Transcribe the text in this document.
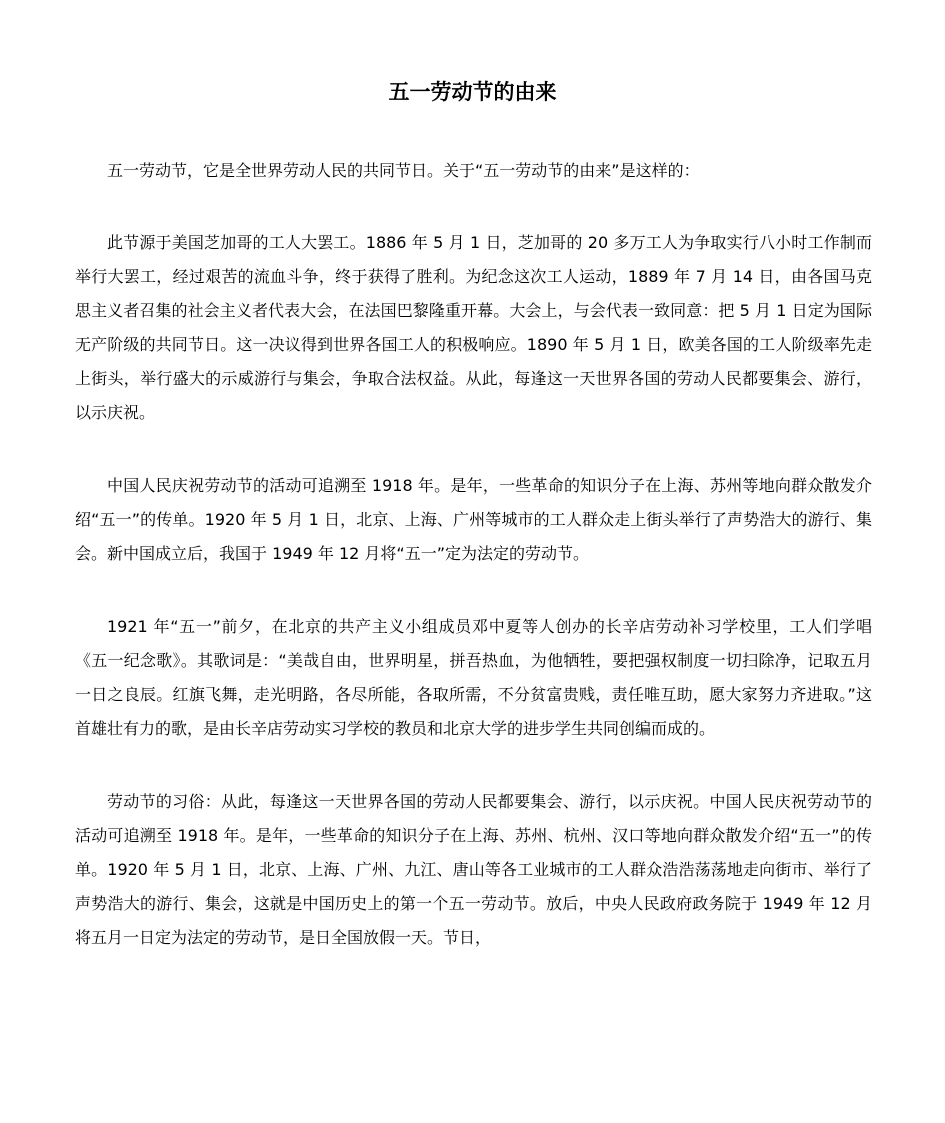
五一劳动节的由来

五一劳动节，它是全世界劳动人民的共同节日。关于“五一劳动节的由来”是这样的：

此节源于美国芝加哥的工人大罢工。1886 年 5 月 1 日，芝加哥的 20 多万工人为争取实行八小时工作制而举行大罢工，经过艰苦的流血斗争，终于获得了胜利。为纪念这次工人运动，1889 年 7 月 14 日，由各国马克思主义者召集的社会主义者代表大会，在法国巴黎隆重开幕。大会上，与会代表一致同意：把 5 月 1 日定为国际无产阶级的共同节日。这一决议得到世界各国工人的积极响应。1890 年 5 月 1 日，欧美各国的工人阶级率先走上街头，举行盛大的示威游行与集会，争取合法权益。从此，每逢这一天世界各国的劳动人民都要集会、游行，以示庆祝。

中国人民庆祝劳动节的活动可追溯至 1918 年。是年，一些革命的知识分子在上海、苏州等地向群众散发介绍“五一”的传单。1920 年 5 月 1 日，北京、上海、广州等城市的工人群众走上街头举行了声势浩大的游行、集会。新中国成立后，我国于 1949 年 12 月将“五一”定为法定的劳动节。

1921 年“五一”前夕，在北京的共产主义小组成员邓中夏等人创办的长辛店劳动补习学校里，工人们学唱《五一纪念歌》。其歌词是：“美哉自由，世界明星，拼吾热血，为他牺牲，要把强权制度一切扫除净，记取五月一日之良辰。红旗飞舞，走光明路，各尽所能，各取所需，不分贫富贵贱，责任唯互助，愿大家努力齐进取。”这首雄壮有力的歌，是由长辛店劳动实习学校的教员和北京大学的进步学生共同创编而成的。

劳动节的习俗：从此，每逢这一天世界各国的劳动人民都要集会、游行，以示庆祝。中国人民庆祝劳动节的活动可追溯至 1918 年。是年，一些革命的知识分子在上海、苏州、杭州、汉口等地向群众散发介绍“五一”的传单。1920 年 5 月 1 日，北京、上海、广州、九江、唐山等各工业城市的工人群众浩浩荡荡地走向街市、举行了声势浩大的游行、集会，这就是中国历史上的第一个五一劳动节。放后，中央人民政府政务院于 1949 年 12 月将五月一日定为法定的劳动节，是日全国放假一天。节日，
